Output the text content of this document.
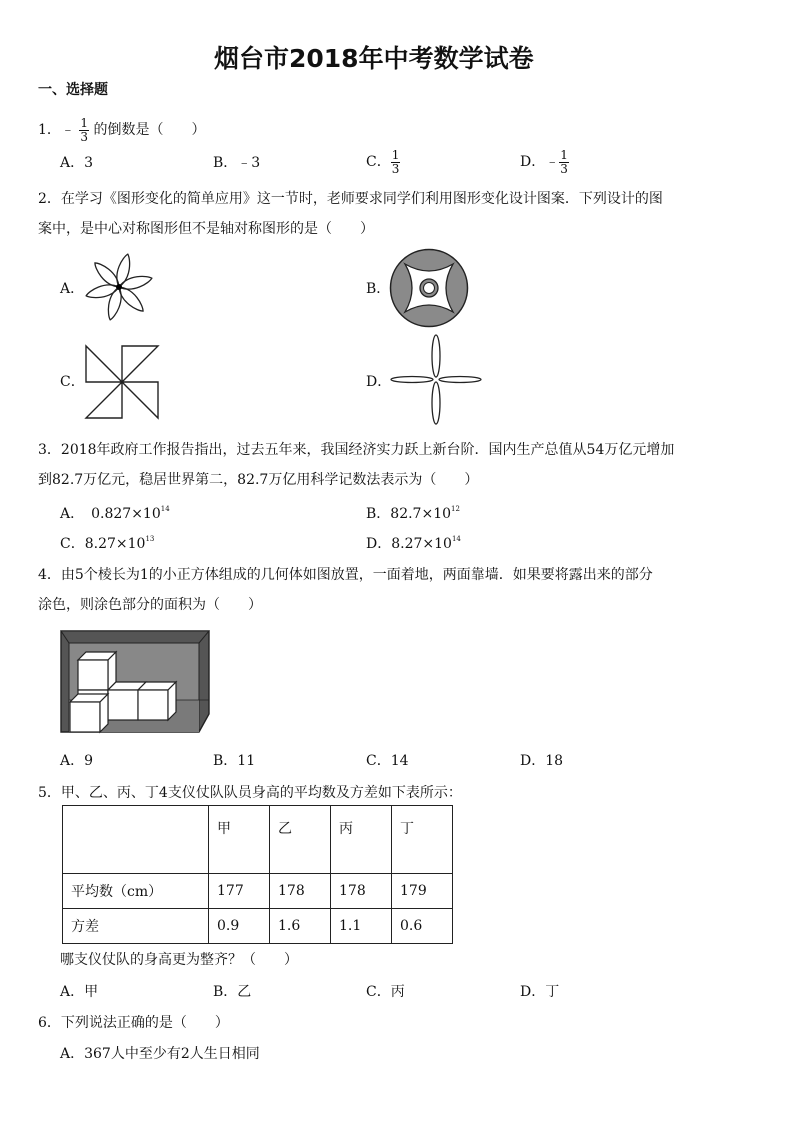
烟台市2018年中考数学试卷
一、选择题
1．﹣ $\frac{1}{3}$ 的倒数是（　　）
A．3	B．﹣3	C． $\frac{1}{3}$	D．﹣ $\frac{1}{3}$
2．在学习《图形变化的简单应用》这一节时，老师要求同学们利用图形变化设计图案．下列设计的图
案中，是中心对称图形但不是轴对称图形的是（　　）
A．	B．
C．	D．
3．2018年政府工作报告指出，过去五年来，我国经济实力跃上新台阶．国内生产总值从54万亿元增加
到82.7万亿元，稳居世界第二，82.7万亿用科学记数法表示为（　　）
A．　$0.827\times 10^{14}$	B．$82.7\times 10^{12}$
C．$8.27\times 10^{13}$	D．$8.27\times 10^{14}$
4．由5个棱长为1的小正方体组成的几何体如图放置，一面着地，两面靠墙．如果要将露出来的部分
涂色，则涂色部分的面积为（　　）
A．9	B．11	C．14	D．18
5．甲、乙、丙、丁4支仪仗队队员身高的平均数及方差如下表所示：
	甲	乙	丙	丁
平均数（cm）	177	178	178	179
方差	0.9	1.6	1.1	0.6
哪支仪仗队的身高更为整齐？（　　）
A．甲	B．乙	C．丙	D．丁
6．下列说法正确的是（　　）
A．367人中至少有2人生日相同
